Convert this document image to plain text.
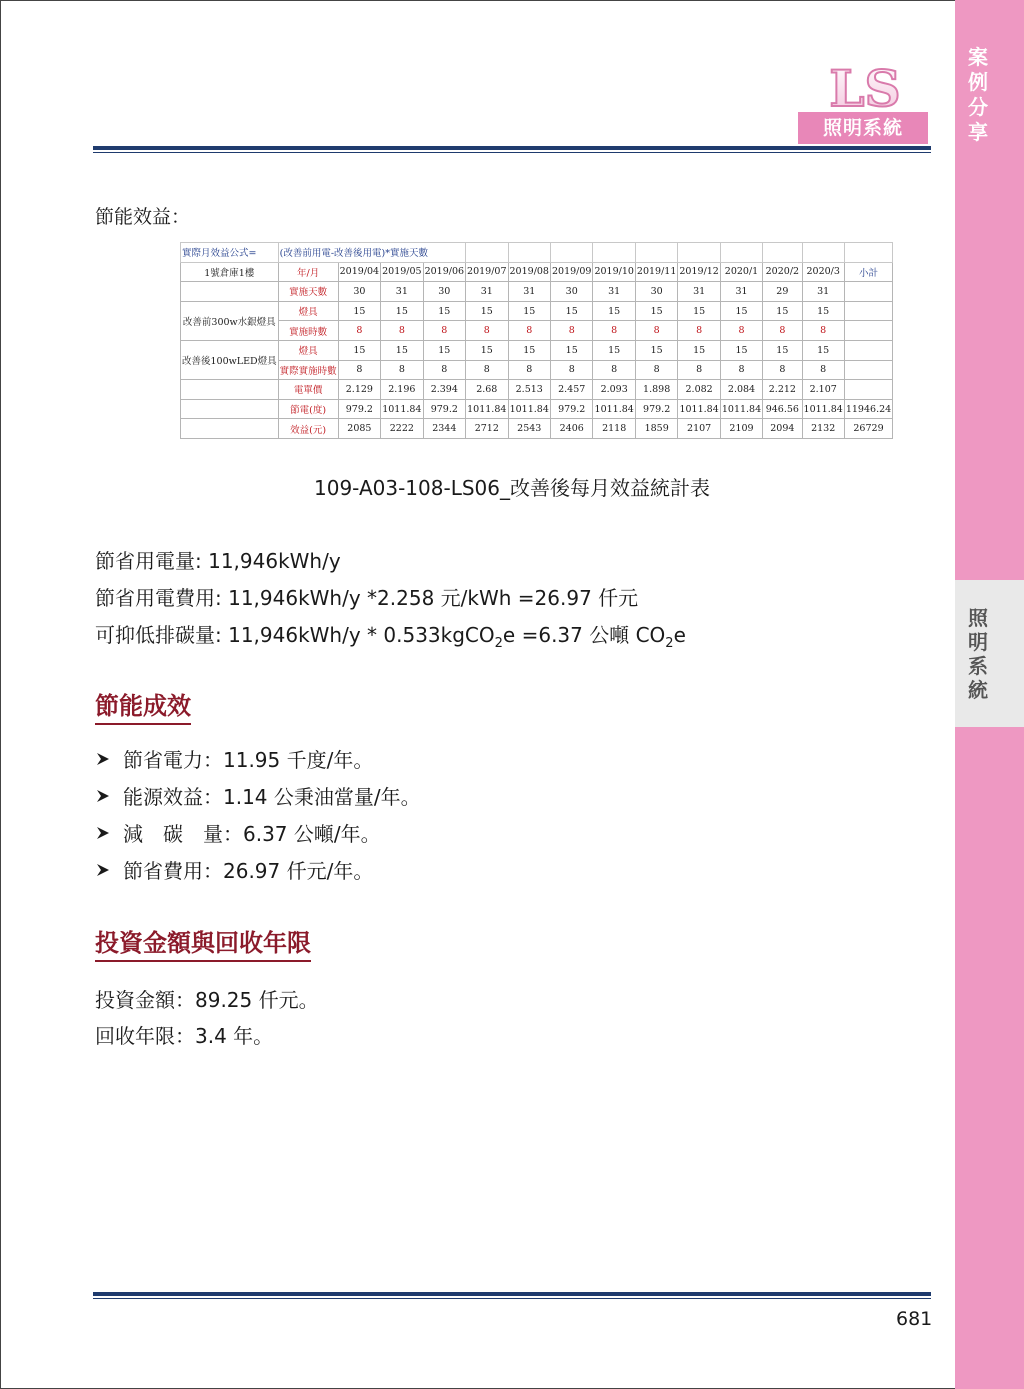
案
例
分
享
照
明
系
統
LS
照明系統
節能效益：
實際月效益公式=	(改善前用電-改善後用電)*實施天數													
1號倉庫1樓	年/月	2019/04	2019/05	2019/06	2019/07	2019/08	2019/09	2019/10	2019/11	2019/12	2020/1	2020/2	2020/3	小計
	實施天數	30	31	30	31	31	30	31	30	31	31	29	31	
改善前300w水銀燈具	燈具	15	15	15	15	15	15	15	15	15	15	15	15	
	實施時數	8	8	8	8	8	8	8	8	8	8	8	8	
改善後100wLED燈具	燈具	15	15	15	15	15	15	15	15	15	15	15	15	
	實際實施時數	8	8	8	8	8	8	8	8	8	8	8	8	
	電單價	2.129	2.196	2.394	2.68	2.513	2.457	2.093	1.898	2.082	2.084	2.212	2.107	
	節電(度)	979.2	1011.84	979.2	1011.84	1011.84	979.2	1011.84	979.2	1011.84	1011.84	946.56	1011.84	11946.24
	效益(元)	2085	2222	2344	2712	2543	2406	2118	1859	2107	2109	2094	2132	26729
109-A03-108-LS06_改善後每月效益統計表
節省用電量: 11,946kWh/y
節省用電費用: 11,946kWh/y *2.258 元/kWh =26.97 仟元
可抑低排碳量: 11,946kWh/y * 0.533kgCO$_2$e =6.37 公噸 $CO_2e$
節能成效
節省電力：11.95 千度/年。
能源效益：1.14 公秉油當量/年。
減　碳　量：6.37 公噸/年。
節省費用：26.97 仟元/年。
投資金額與回收年限
投資金額：89.25 仟元。
回收年限：3.4 年。
681
